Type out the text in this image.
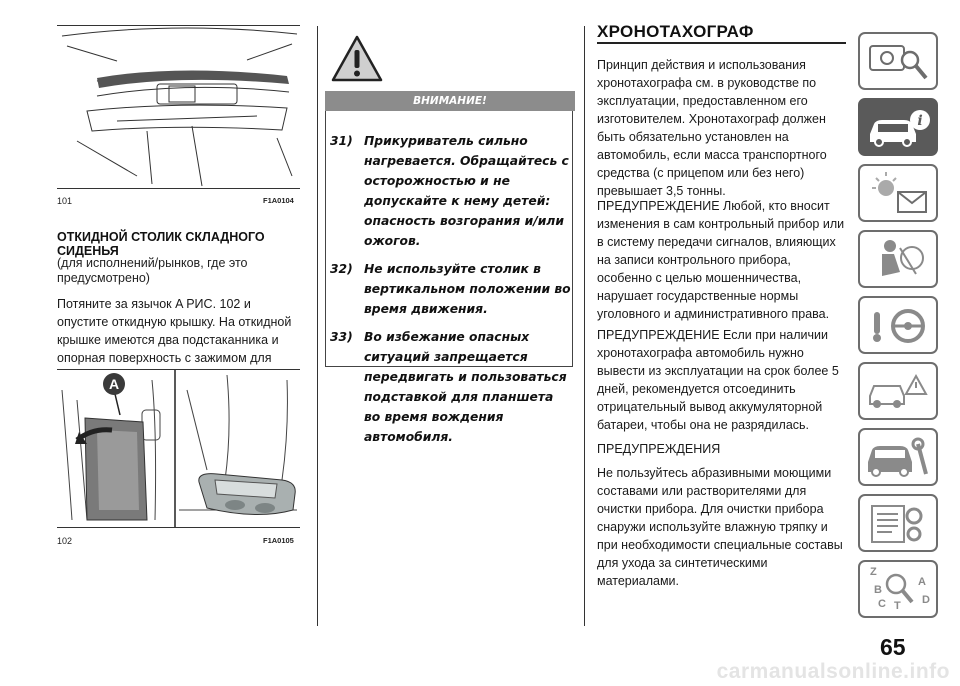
101	F1A0104
ОТКИДНОЙ СТОЛИК СКЛАДНОГО СИДЕНЬЯ
(для исполнений/рынков, где это предусмотрено)
Потяните за язычок A РИС. 102 и опустите откидную крышку. На откидной крышке имеются два подстаканника и опорная поверхность с зажимом для
A
102	F1A0105
ВНИМАНИЕ!
31) Прикуриватель сильно нагревается. Обращайтесь с осторожностью и не допускайте к нему детей: опасность возгорания и/или ожогов.
32) Не используйте столик в вертикальном положении во время движения.
33) Во избежание опасных ситуаций запрещается передвигать и пользоваться подставкой для планшета во время вождения автомобиля.
ХРОНОТАХОГРАФ
Принцип действия и использования хронотахографа см. в руководстве по эксплуатации, предоставленном его изготовителем. Хронотахограф должен быть обязательно установлен на автомобиль, если масса транспортного средства (с прицепом или без него) превышает 3,5 тонны.
ПРЕДУПРЕЖДЕНИЕ Любой, кто вносит изменения в сам контрольный прибор или в систему передачи сигналов, влияющих на записи контрольного прибора, особенно с целью мошенничества, нарушает государственные нормы уголовного и административного права.
ПРЕДУПРЕЖДЕНИЕ Если при наличии хронотахографа автомобиль нужно вывести из эксплуатации на срок более 5 дней, рекомендуется отсоединить отрицательный вывод аккумуляторной батареи, чтобы она не разрядилась.
ПРЕДУПРЕЖДЕНИЯ
Не пользуйтесь абразивными моющими составами или растворителями для очистки прибора. Для очистки прибора снаружи используйте влажную тряпку и при необходимости специальные составы для ухода за синтетическими материалами.
i
Z
A
B
C	D
T
65
carmanualsonline.info
